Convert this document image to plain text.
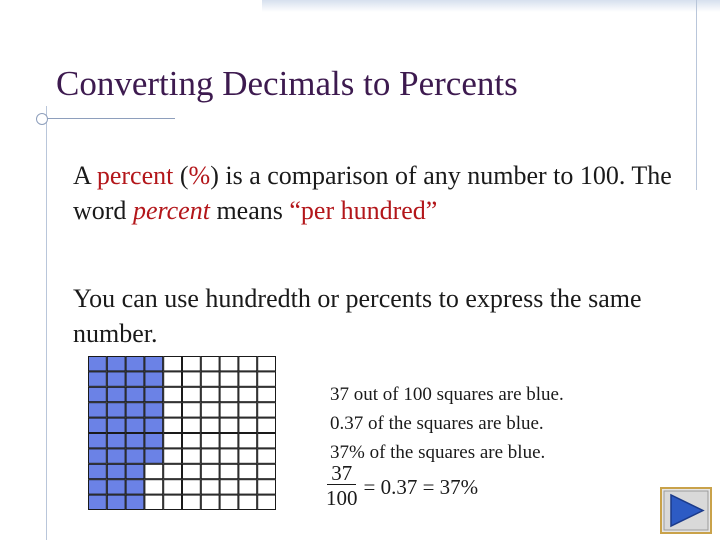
Converting Decimals to Percents

A percent (%) is a comparison of any number to 100. The word percent means “per hundred”

You can use hundredth or percents to express the same number.

37 out of 100 squares are blue.
0.37 of the squares are blue.
37% of the squares are blue.
$\frac{37}{100} = 0.37 = 37\%$
